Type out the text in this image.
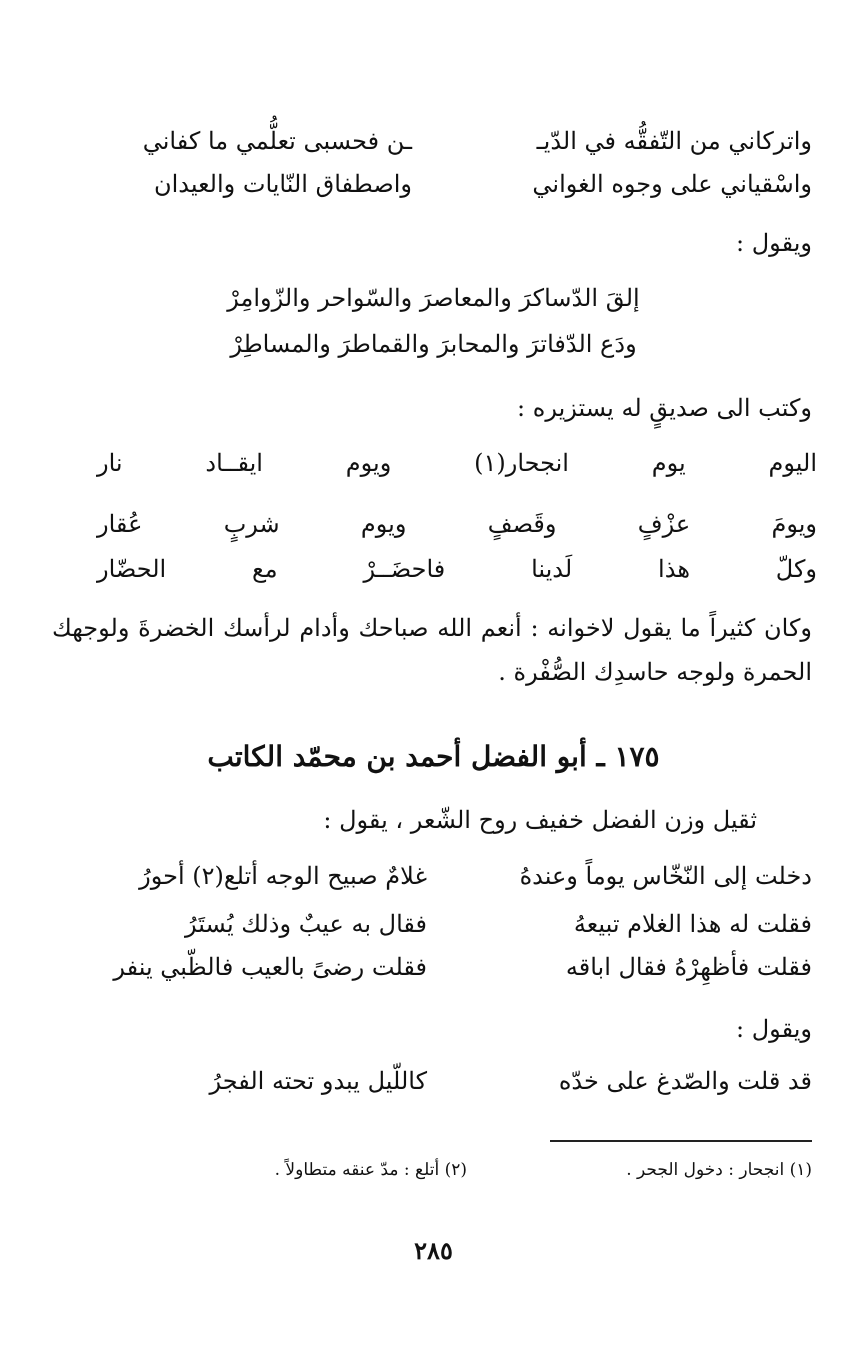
واتركاني من التّفقُّه في الدّيـ
ـن فحسبى تعلُّمي ما كفاني
واسْقياني على وجوه الغواني
واصطفاق النّايات والعيدان
ويقول :
إلقَ الدّساكرَ والمعاصرَ والسّواحر والزّوامِرْ
ودَع الدّفاترَ والمحابرَ والقماطرَ والمساطِرْ
وكتب الى صديقٍ له يستزيره :
اليوم
يوم
انجحار(١)
ويوم
ايقــاد
نار
ويومَ
عزْفٍ
وقَصفٍ
ويوم
شربٍ
عُقار
وكلّ
هذا
لَدينا
فاحضَــرْ
مع
الحضّار
وكان كثيراً ما يقول لاخوانه : أنعم الله صباحك وأدام لرأسك الخضرةَ ولوجهك الحمرة ولوجه حاسدِك الصُّفْرة .
١٧٥ ـ أبو الفضل أحمد بن محمّد الكاتب
ثقيل وزن الفضل خفيف روح الشّعر ، يقول :
دخلت إلى النّخّاس يوماً وعندهُ
غلامٌ صبيح الوجه أتلع(٢) أحورُ
فقلت له هذا الغلام تبيعهُ
فقال به عيبٌ وذلك يُستَرُ
فقلت فأظهِرْهُ فقال اباقه
فقلت رضىً بالعيب فالظّبي ينفر
ويقول :
قد قلت والصّدغ على خدّه
كاللّيل يبدو تحته الفجرُ
(١) انجحار : دخول الجحر .
(٢) أتلع : مدّ عنقه متطاولاً .
٢٨٥
